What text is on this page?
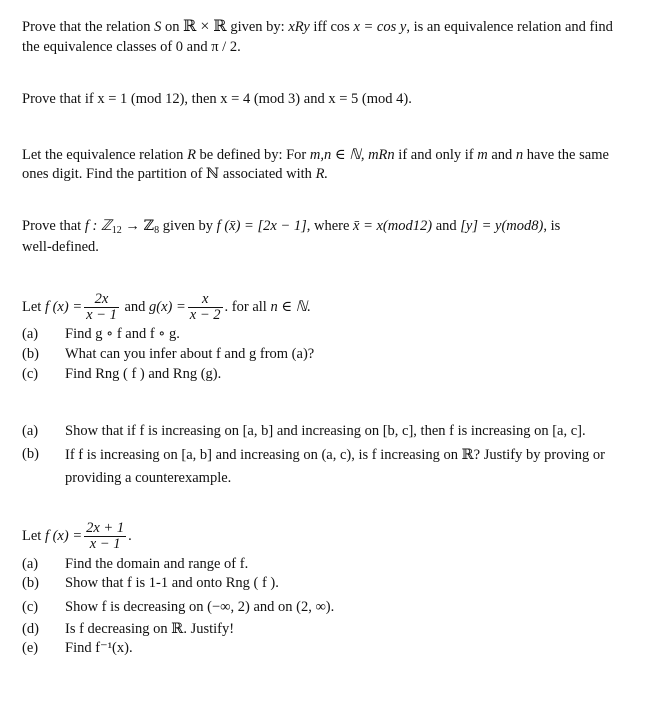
Prove that the relation S on ℝ × ℝ given by: xRy iff cos x = cos y, is an equivalence relation and find
the equivalence classes of 0 and π / 2.
Prove that if x = 1 (mod 12), then x = 4 (mod 3) and x = 5 (mod 4).
Let the equivalence relation R be defined by: For m,n ∈ ℕ, mRn if and only if m and n have the same
ones digit. Find the partition of ℕ associated with R.
Prove that f : ℤ$_{12}$ → ℤ$_8$ given by f (x̄) = [2x − 1], where x̄ = x(mod12) and [y] = y(mod8), is
well-defined.
Let f $(x) = \frac{2x}{x - 1}$ and $g(x) = \frac{x}{x - 2}$ . for all n ∈ ℕ.
(a) Find g ∘ f and f ∘ g.
(b) What can you infer about f and g from (a)?
(c) Find Rng ( f ) and Rng (g).
(a) Show that if f is increasing on [a, b] and increasing on [b, c], then f is increasing on [a, c].
(b) If f is increasing on [a, b] and increasing on (a, c), is f increasing on ℝ? Justify by proving or providing a counterexample.
Let f $(x) = \frac{2x + 1}{x - 1}$ .
(a) Find the domain and range of f.
(b) Show that f is 1-1 and onto Rng ( f ).
(c) Show f is decreasing on (−∞, 2) and on (2, ∞).
(d) Is f decreasing on ℝ. Justify!
(e) Find f⁻¹(x).
